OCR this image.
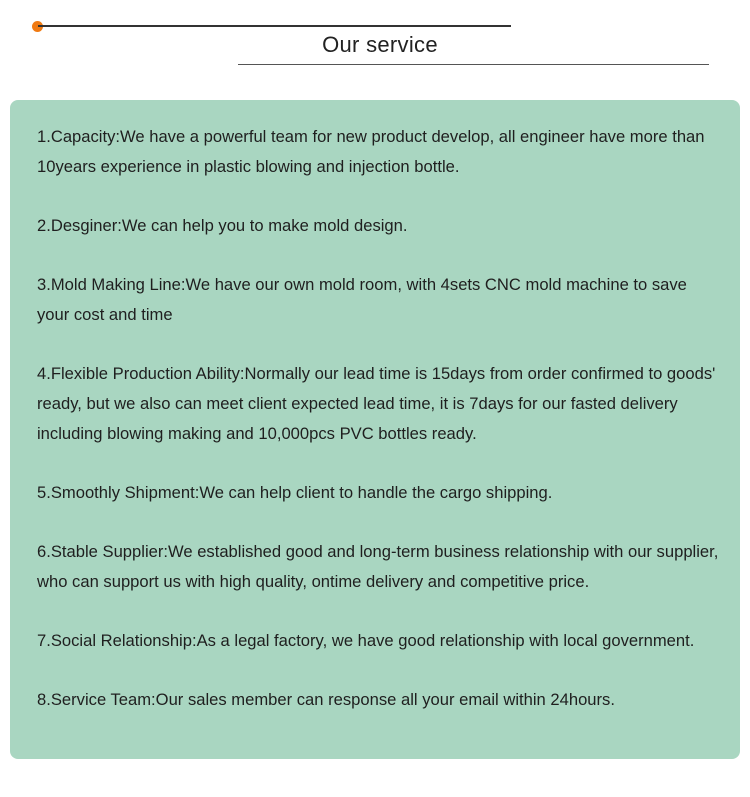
Our service
1.Capacity:We have a powerful team for new product develop, all engineer have more than 10years experience in plastic blowing and injection bottle.
2.Desginer:We can help you to make mold design.
3.Mold Making Line:We have our own mold room, with 4sets CNC mold machine to save your cost and time
4.Flexible Production Ability:Normally our lead time is 15days from order confirmed to goods' ready, but we also can meet client expected lead time, it is 7days for our fasted delivery including blowing making and 10,000pcs PVC bottles ready.
5.Smoothly Shipment:We can help client to handle the cargo shipping.
6.Stable Supplier:We established good and long-term business relationship with our supplier, who can support us with high quality, ontime delivery and competitive price.
7.Social Relationship:As a legal factory, we have good relationship with local government.
8.Service Team:Our sales member can response all your email within 24hours.
